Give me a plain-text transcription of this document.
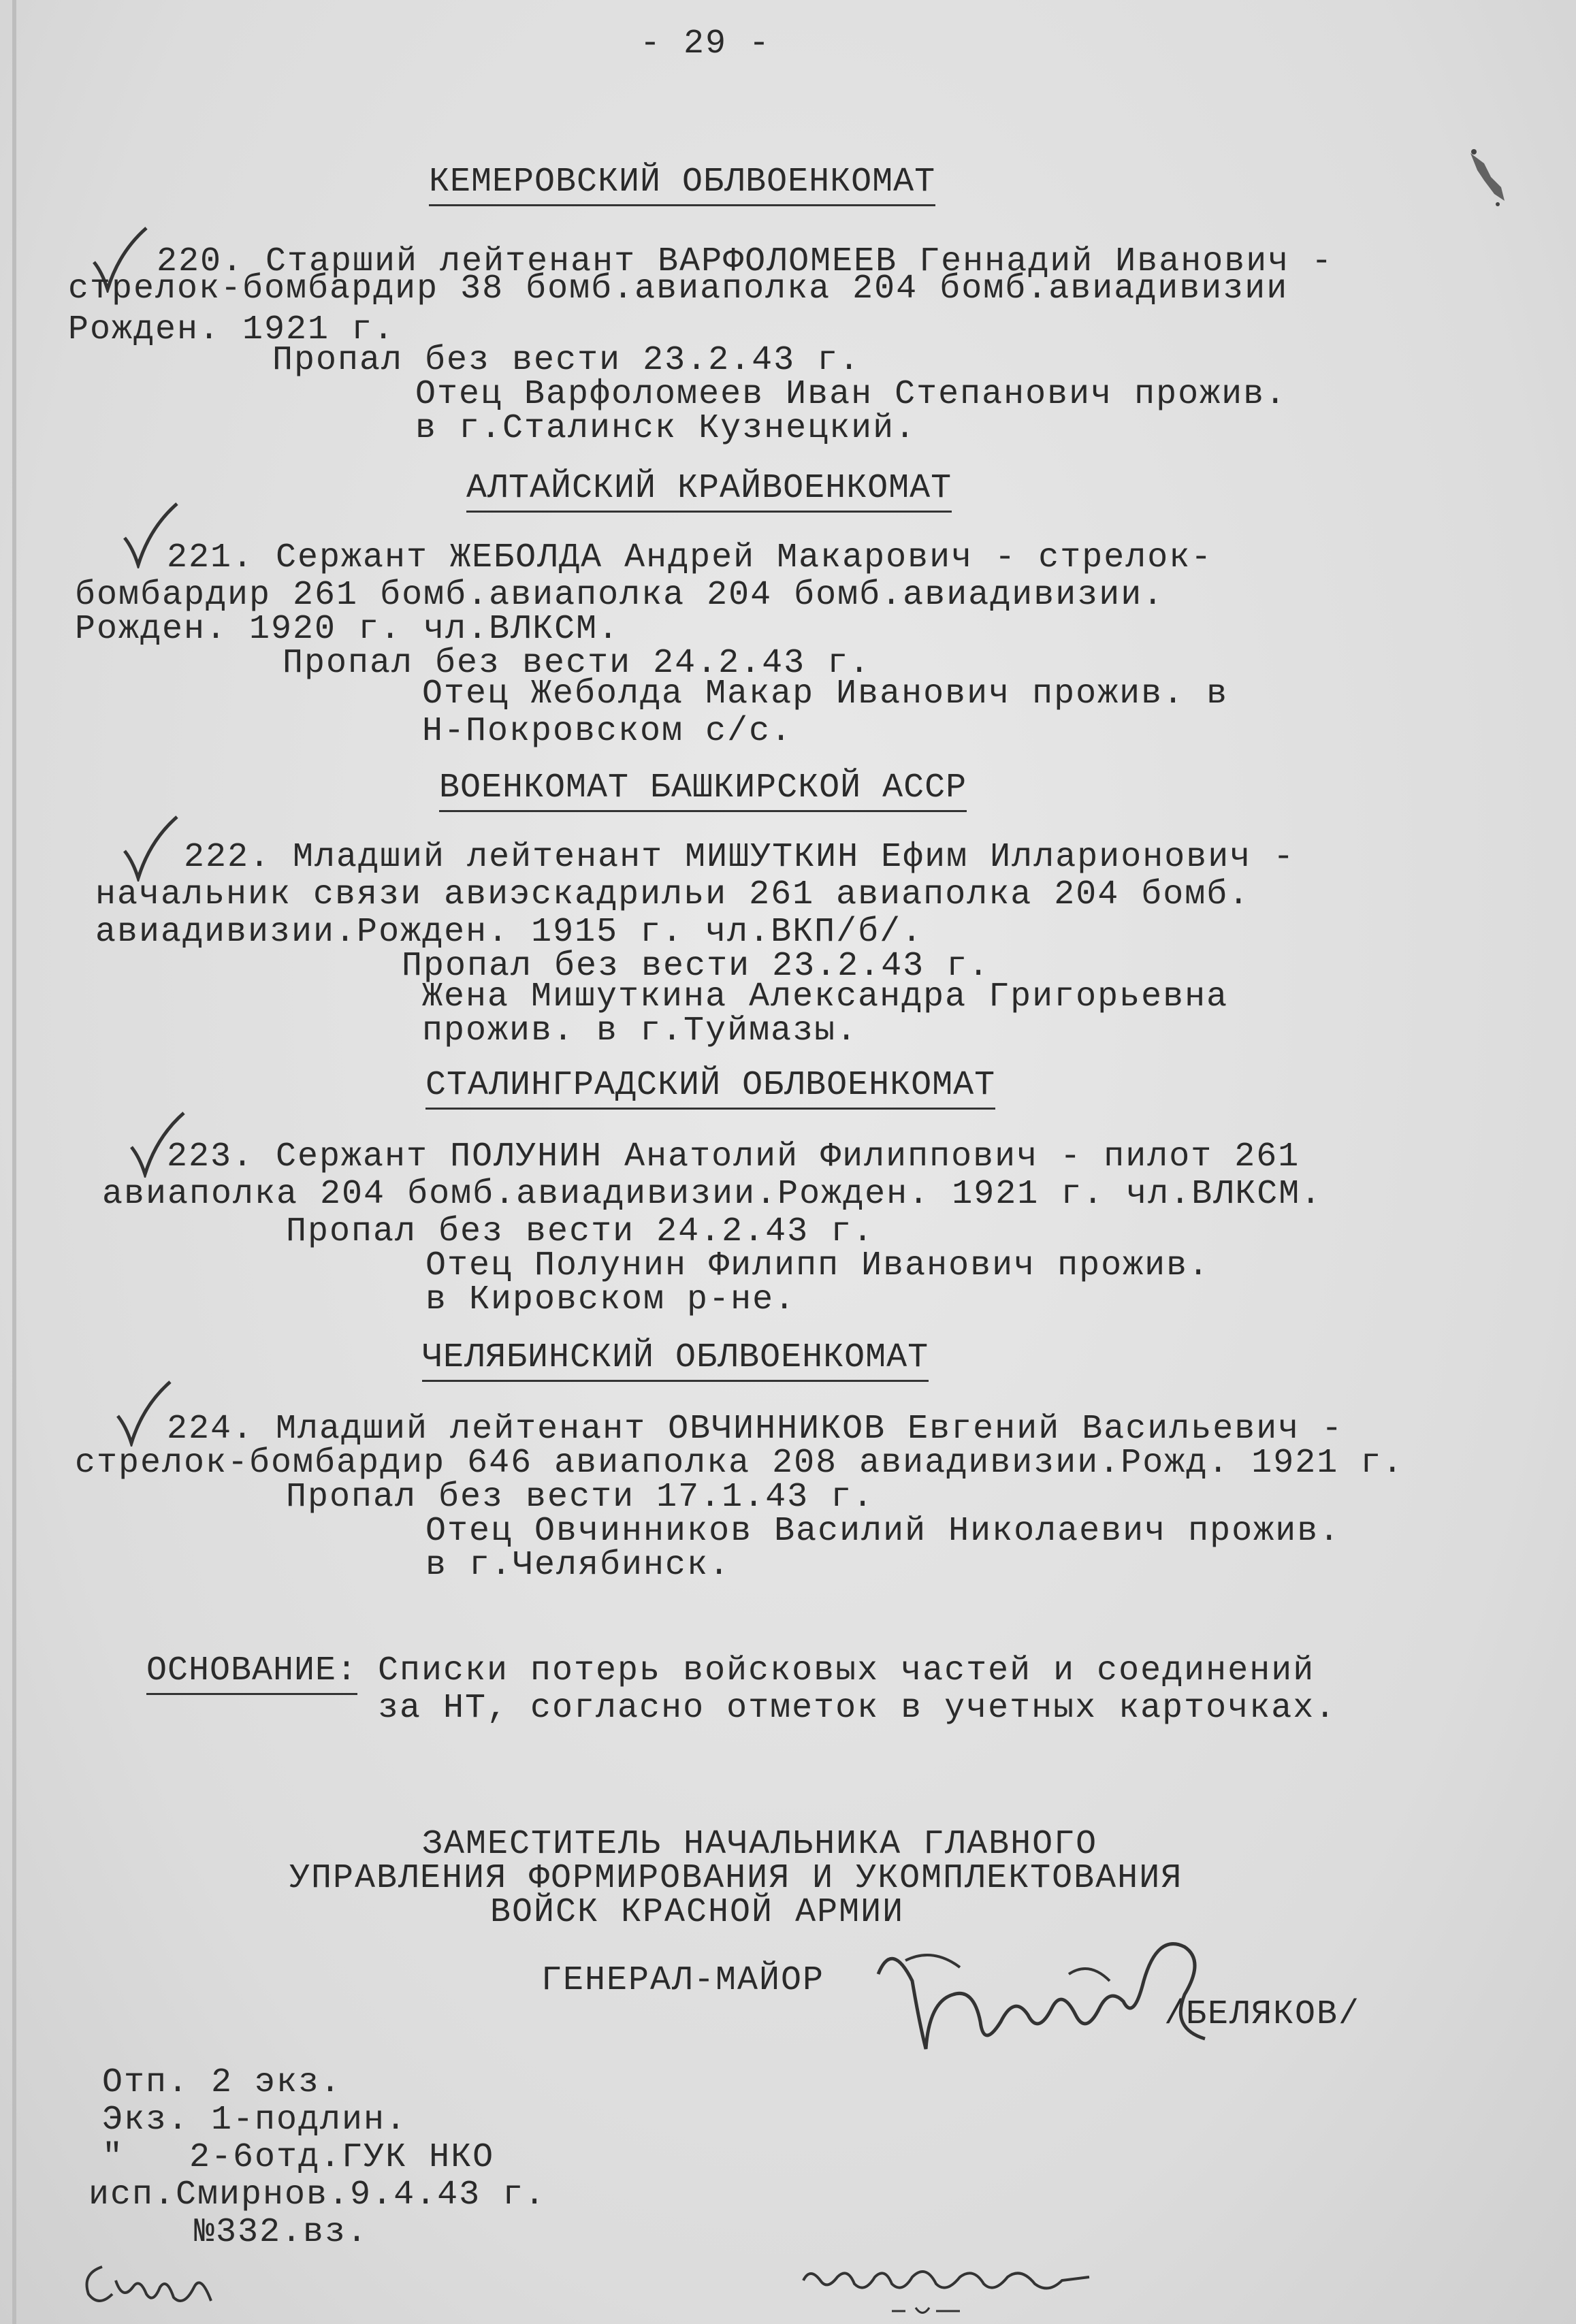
- 29 -
КЕМЕРОВСКИЙ ОБЛВОЕНКОМАТ
220. Старший лейтенант ВАРФОЛОМЕЕВ Геннадий Иванович -
стрелок-бомбардир 38 бомб.авиаполка 204 бомб.авиадивизии
Рожден. 1921 г.
Пропал без вести 23.2.43 г.
Отец Варфоломеев Иван Степанович прожив.
в г.Сталинск Кузнецкий.
АЛТАЙСКИЙ КРАЙВОЕНКОМАТ
221. Сержант ЖЕБОЛДА Андрей Макарович - стрелок-
бомбардир 261 бомб.авиаполка 204 бомб.авиадивизии.
Рожден. 1920 г. чл.ВЛКСМ.
Пропал без вести 24.2.43 г.
Отец Жеболда Макар Иванович прожив. в
Н-Покровском с/с.
ВОЕНКОМАТ БАШКИРСКОЙ АССР
222. Младший лейтенант МИШУТКИН Ефим Илларионович -
начальник связи авиэскадрильи 261 авиаполка 204 бомб.
авиадивизии.Рожден. 1915 г. чл.ВКП/б/.
Пропал без вести 23.2.43 г.
Жена Мишуткина Александра Григорьевна
прожив. в г.Туймазы.
СТАЛИНГРАДСКИЙ ОБЛВОЕНКОМАТ
223. Сержант ПОЛУНИН Анатолий Филиппович - пилот 261
авиаполка 204 бомб.авиадивизии.Рожден. 1921 г. чл.ВЛКСМ.
Пропал без вести 24.2.43 г.
Отец Полунин Филипп Иванович прожив.
в Кировском р-не.
ЧЕЛЯБИНСКИЙ ОБЛВОЕНКОМАТ
224. Младший лейтенант ОВЧИННИКОВ Евгений Васильевич -
стрелок-бомбардир 646 авиаполка 208 авиадивизии.Рожд. 1921 г.
Пропал без вести 17.1.43 г.
Отец Овчинников Василий Николаевич прожив.
в г.Челябинск.
ОСНОВАНИЕ: Списки потерь войсковых частей и соединений
за НТ, согласно отметок в учетных карточках.
ЗАМЕСТИТЕЛЬ НАЧАЛЬНИКА ГЛАВНОГО
УПРАВЛЕНИЯ ФОРМИРОВАНИЯ И УКОМПЛЕКТОВАНИЯ
ВОЙСК КРАСНОЙ АРМИИ
ГЕНЕРАЛ-МАЙОР
/БЕЛЯКОВ/
Отп. 2 экз.
Экз. 1-подлин.
"   2-6отд.ГУК НКО
исп.Смирнов.9.4.43 г.
№332.вз.
